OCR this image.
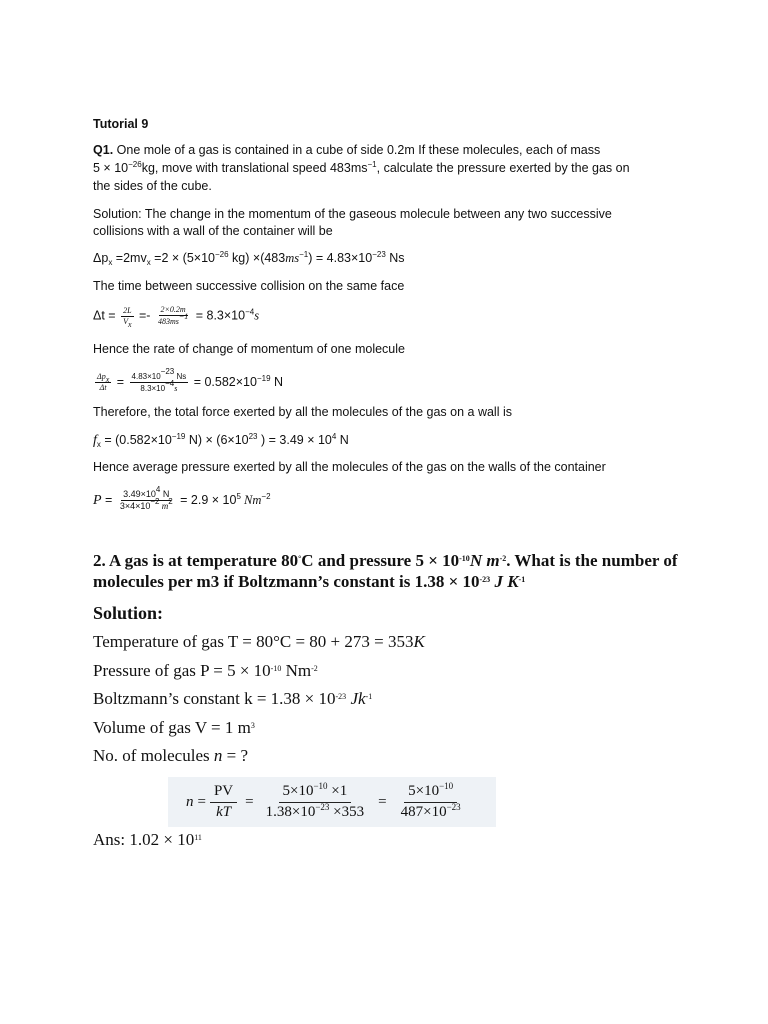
Tutorial 9
Q1. One mole of a gas is contained in a cube of side 0.2m If these molecules, each of mass
$5 \times 10^{-26}kg$, move with translational speed $483ms^{-1}$, calculate the pressure exerted by the gas on
the sides of the cube.
Solution: The change in the momentum of the gaseous molecule between any two successive
collisions with a wall of the container will be
$\Delta p_x =2mv_x =2 \times (5\times 10^{-26}$ $kg) \times(483ms^{-1}) = 4.83\times 10^{-23}$ Ns
The time between successive collision on the same face
$\Delta t = \frac{2L}{V_x} =- \frac{2\times 0.2m}{483ms^{-1}} = 8.3\times 10^{-4}s$
Hence the rate of change of momentum of one molecule
$\frac{\Delta p_x}{\Delta t} = \frac{4.83\times 10^{-23} Ns}{8.3\times 10^{-4}s} = 0.582\times 10^{-19}$ N
Therefore, the total force exerted by all the molecules of the gas on a wall is
$f_x = (0.582\times 10^{-19}$ $N) \times (6\times 10^{23}$ ) = $3.49 \times 10^4$ N
Hence average pressure exerted by all the molecules of the gas on the walls of the container
$P = \frac{3.49\times 10^4 N}{3\times 4\times 10^{-2} m^2} = 2.9 \times 10^5$ $Nm^{-2}$
2. A gas is at temperature 80°C and pressure $5 \times 10^{-10}N$ $m^{-2}$. What is the number of molecules per m3 if Boltzmann’s constant is $1.38 \times 10^{-23}$ J $K^{-1}$
Solution:
Temperature of gas T = 80°C = 80 + 273 = 353K
Pressure of gas $P = 5 \times 10^{-10}$ $Nm^{-2}$
Boltzmann’s constant $k = 1.38 \times 10^{-23}$ $Jk^{-1}$
Volume of gas V = 1 $m^3$
No. of molecules n = ?
$n = \frac{PV}{kT} = \frac{5\times 10^{-10} \times 1}{1.38\times 10^{-23} \times 353} = \frac{5\times 10^{-10}}{487\times 10^{-23}}$
Ans: $1.02 \times 10^{11}$
